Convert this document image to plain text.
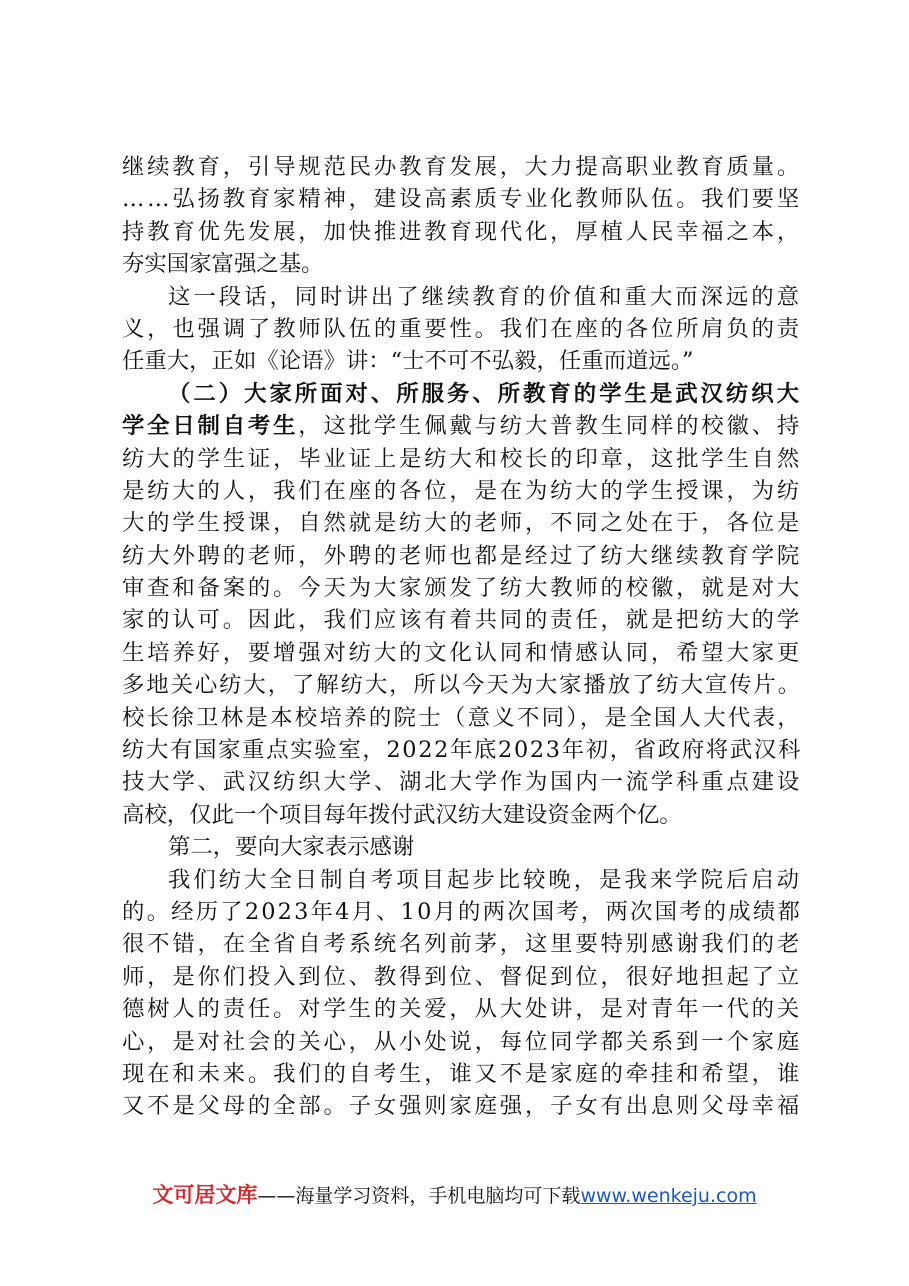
继续教育，引导规范民办教育发展，大力提高职业教育质量。
……弘扬教育家精神，建设高素质专业化教师队伍。我们要坚
持教育优先发展，加快推进教育现代化，厚植人民幸福之本，
夯实国家富强之基。
这一段话，同时讲出了继续教育的价值和重大而深远的意
义，也强调了教师队伍的重要性。我们在座的各位所肩负的责
任重大，正如《论语》讲：“士不可不弘毅，任重而道远。”
（二）大家所面对、所服务、所教育的学生是武汉纺织大
学全日制自考生，这批学生佩戴与纺大普教生同样的校徽、持
纺大的学生证，毕业证上是纺大和校长的印章，这批学生自然
是纺大的人，我们在座的各位，是在为纺大的学生授课，为纺
大的学生授课，自然就是纺大的老师，不同之处在于，各位是
纺大外聘的老师，外聘的老师也都是经过了纺大继续教育学院
审查和备案的。今天为大家颁发了纺大教师的校徽，就是对大
家的认可。因此，我们应该有着共同的责任，就是把纺大的学
生培养好，要增强对纺大的文化认同和情感认同，希望大家更
多地关心纺大，了解纺大，所以今天为大家播放了纺大宣传片。
校长徐卫林是本校培养的院士（意义不同），是全国人大代表，
纺大有国家重点实验室，2022年底2023年初，省政府将武汉科
技大学、武汉纺织大学、湖北大学作为国内一流学科重点建设
高校，仅此一个项目每年拨付武汉纺大建设资金两个亿。
第二，要向大家表示感谢
我们纺大全日制自考项目起步比较晚，是我来学院后启动
的。经历了2023年4月、10月的两次国考，两次国考的成绩都
很不错，在全省自考系统名列前茅，这里要特别感谢我们的老
师，是你们投入到位、教得到位、督促到位，很好地担起了立
德树人的责任。对学生的关爱，从大处讲，是对青年一代的关
心，是对社会的关心，从小处说，每位同学都关系到一个家庭
现在和未来。我们的自考生，谁又不是家庭的牵挂和希望，谁
又不是父母的全部。子女强则家庭强，子女有出息则父母幸福
文可居文库——海量学习资料，手机电脑均可下载www.wenkeju.com
